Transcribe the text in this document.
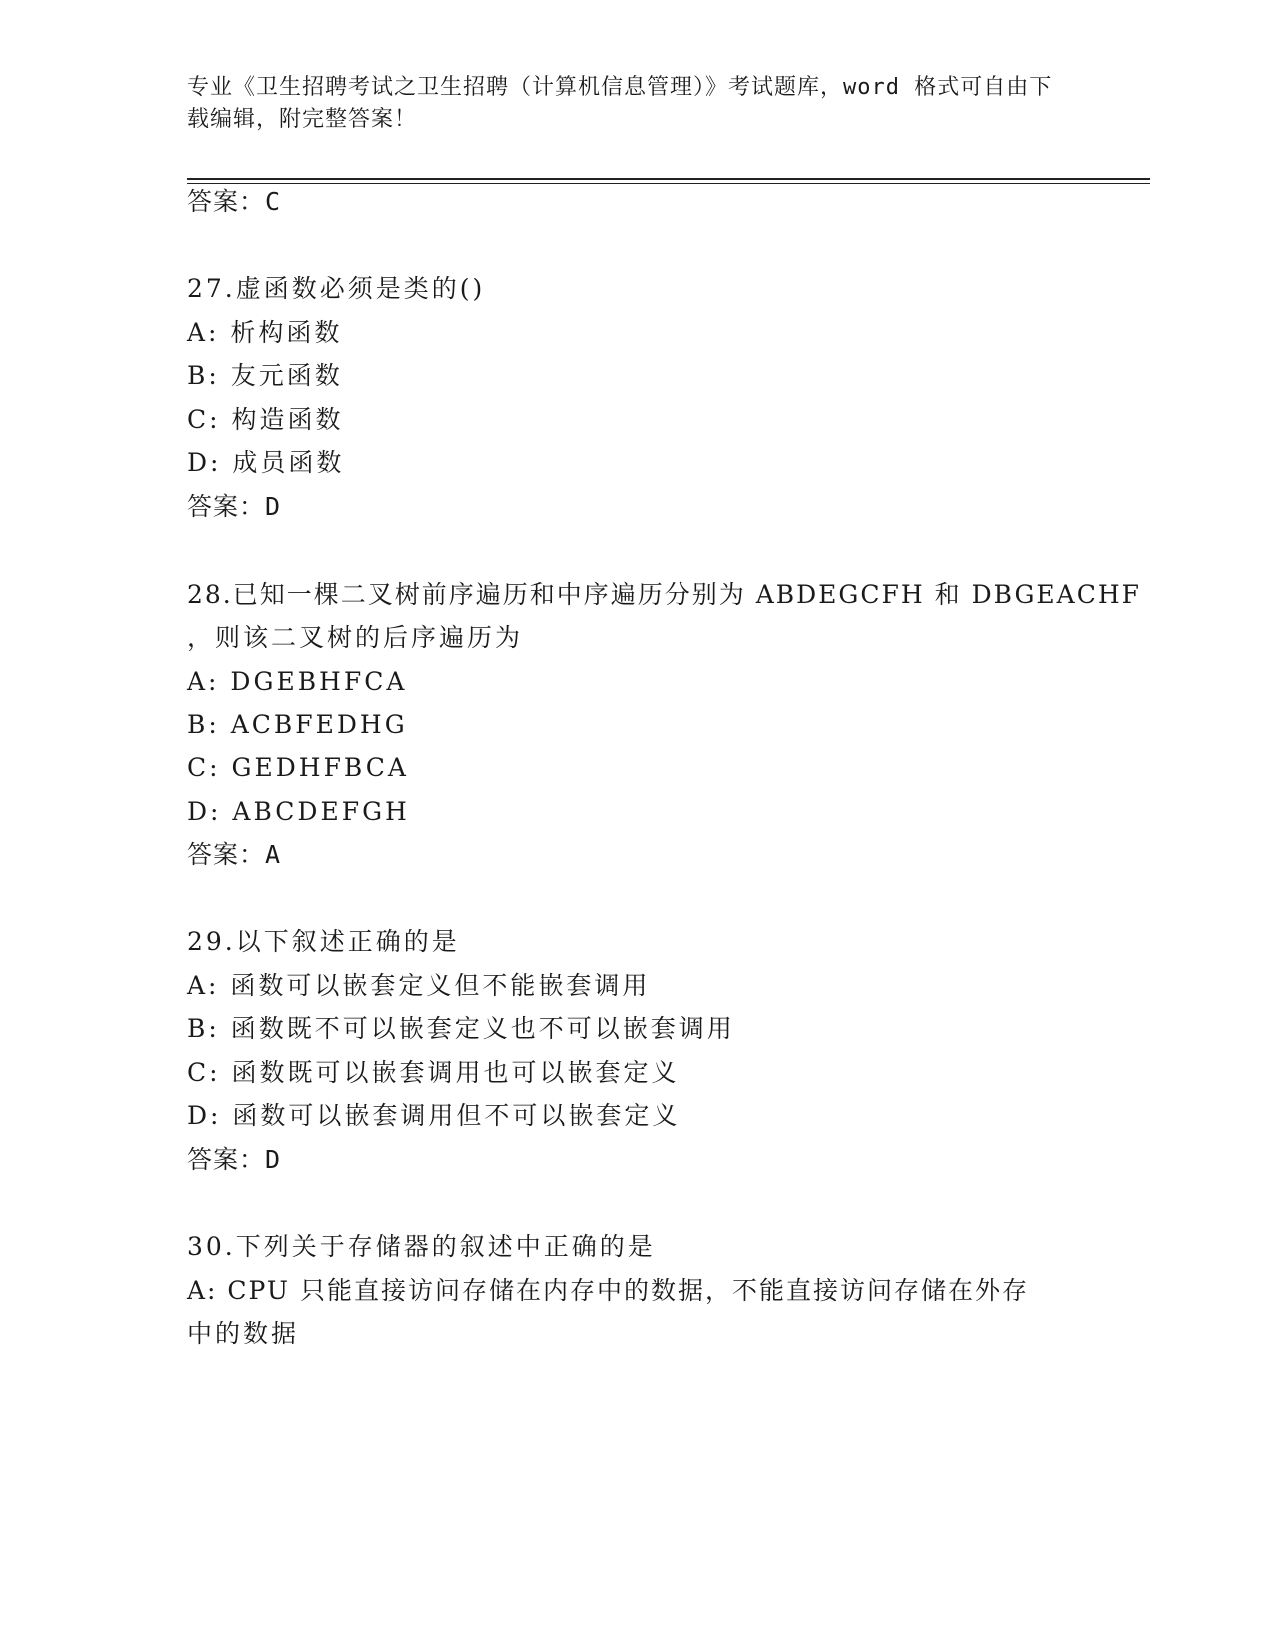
专业《卫生招聘考试之卫生招聘（计算机信息管理）》考试题库，word 格式可自由下载编辑，附完整答案！
答案：C
27.虚函数必须是类的()
A: 析构函数
B: 友元函数
C: 构造函数
D: 成员函数
答案：D
28.已知一棵二叉树前序遍历和中序遍历分别为 ABDEGCFH 和 DBGEACHF
，则该二叉树的后序遍历为
A: DGEBHFCA
B: ACBFEDHG
C: GEDHFBCA
D: ABCDEFGH
答案：A
29.以下叙述正确的是
A: 函数可以嵌套定义但不能嵌套调用
B: 函数既不可以嵌套定义也不可以嵌套调用
C: 函数既可以嵌套调用也可以嵌套定义
D: 函数可以嵌套调用但不可以嵌套定义
答案：D
30.下列关于存储器的叙述中正确的是
A: CPU 只能直接访问存储在内存中的数据，不能直接访问存储在外存
中的数据
